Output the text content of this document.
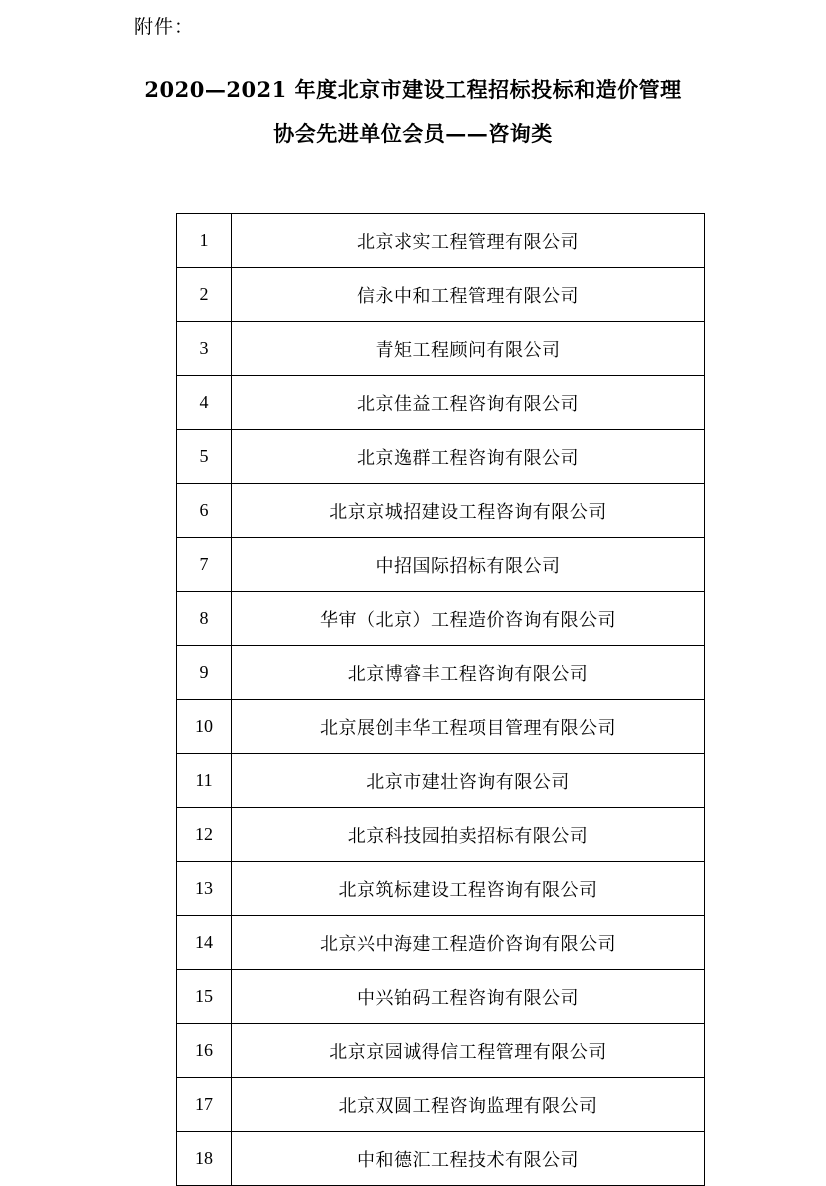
附件：
2020—2021 年度北京市建设工程招标投标和造价管理
协会先进单位会员——咨询类
1	北京求实工程管理有限公司
2	信永中和工程管理有限公司
3	青矩工程顾问有限公司
4	北京佳益工程咨询有限公司
5	北京逸群工程咨询有限公司
6	北京京城招建设工程咨询有限公司
7	中招国际招标有限公司
8	华审（北京）工程造价咨询有限公司
9	北京博睿丰工程咨询有限公司
10	北京展创丰华工程项目管理有限公司
11	北京市建壮咨询有限公司
12	北京科技园拍卖招标有限公司
13	北京筑标建设工程咨询有限公司
14	北京兴中海建工程造价咨询有限公司
15	中兴铂码工程咨询有限公司
16	北京京园诚得信工程管理有限公司
17	北京双圆工程咨询监理有限公司
18	中和德汇工程技术有限公司
